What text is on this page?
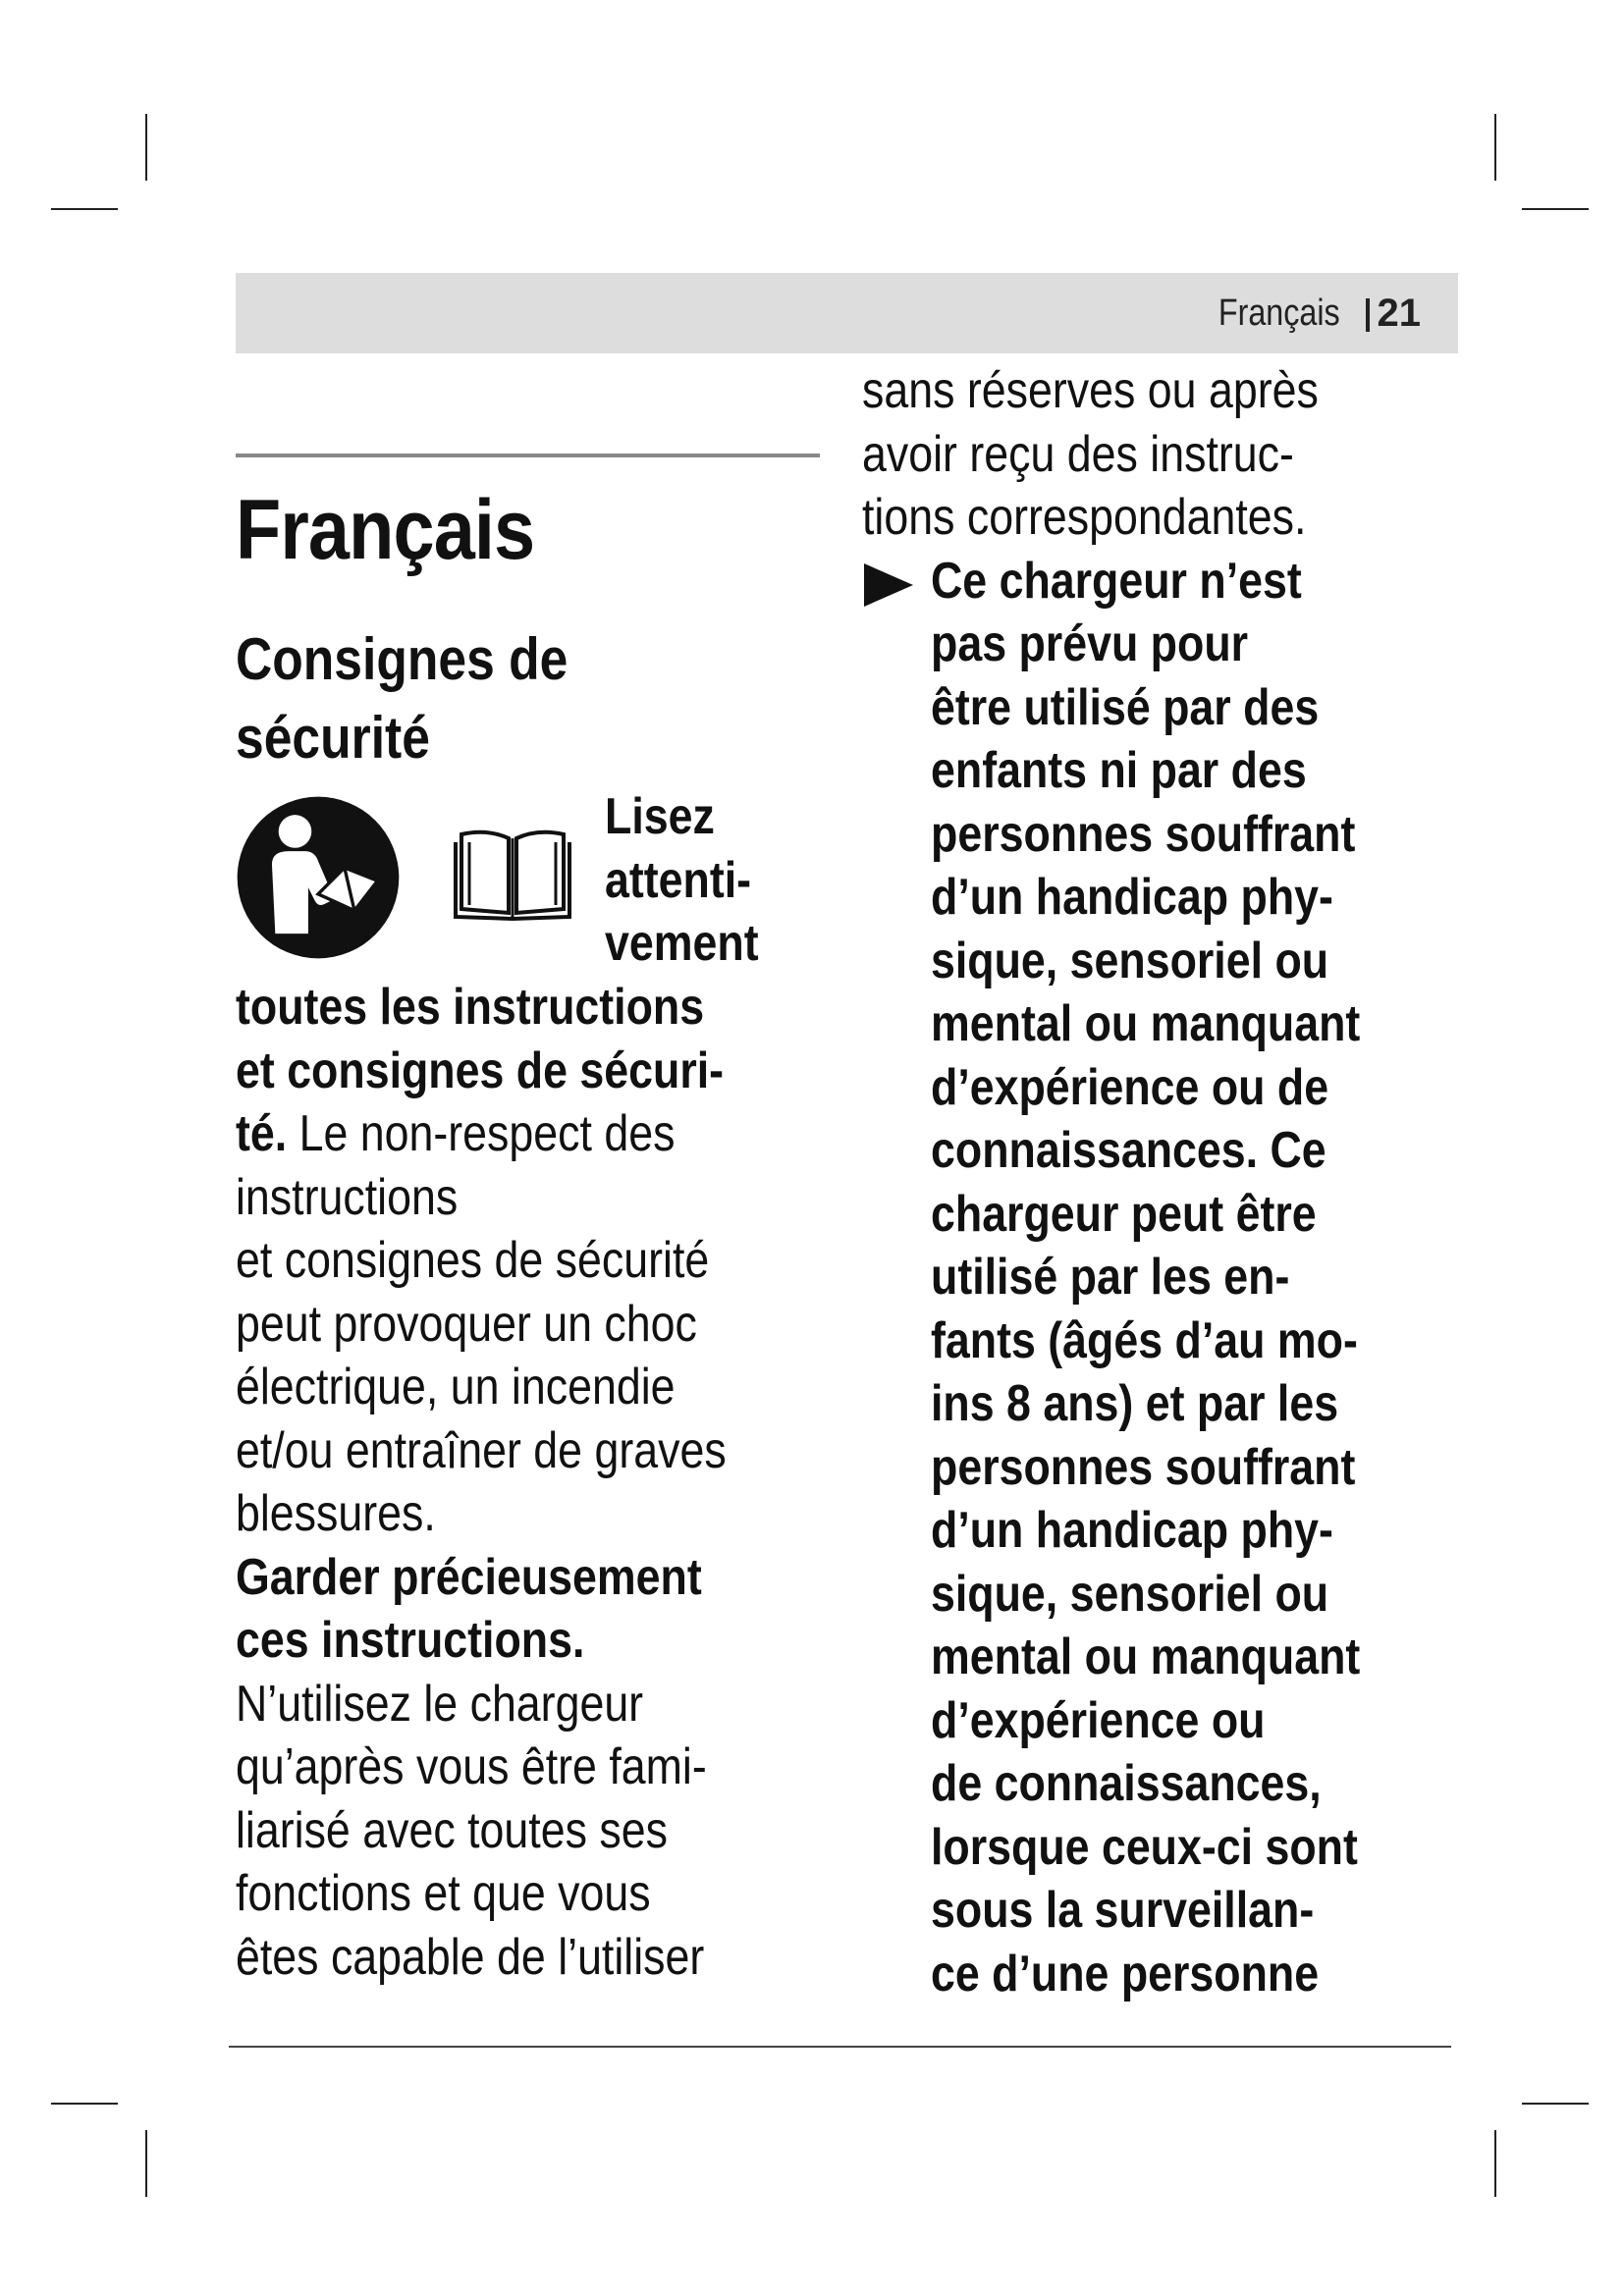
Français 21
Français
Consignes de
sécurité
Lisez
attenti-
vement
toutes les instructions
et consignes de sécuri-
té. Le non-respect des
instructions
et consignes de sécurité
peut provoquer un choc
électrique, un incendie
et/ou entraîner de graves
blessures.
Garder précieusement
ces instructions.
N’utilisez le chargeur
qu’après vous être fami-
liarisé avec toutes ses
fonctions et que vous
êtes capable de l’utiliser
sans réserves ou après
avoir reçu des instruc-
tions correspondantes.
Ce chargeur n’est
pas prévu pour
être utilisé par des
enfants ni par des
personnes souffrant
d’un handicap phy-
sique, sensoriel ou
mental ou manquant
d’expérience ou de
connaissances. Ce
chargeur peut être
utilisé par les en-
fants (âgés d’au mo-
ins 8 ans) et par les
personnes souffrant
d’un handicap phy-
sique, sensoriel ou
mental ou manquant
d’expérience ou
de connaissances,
lorsque ceux-ci sont
sous la surveillan-
ce d’une personne
